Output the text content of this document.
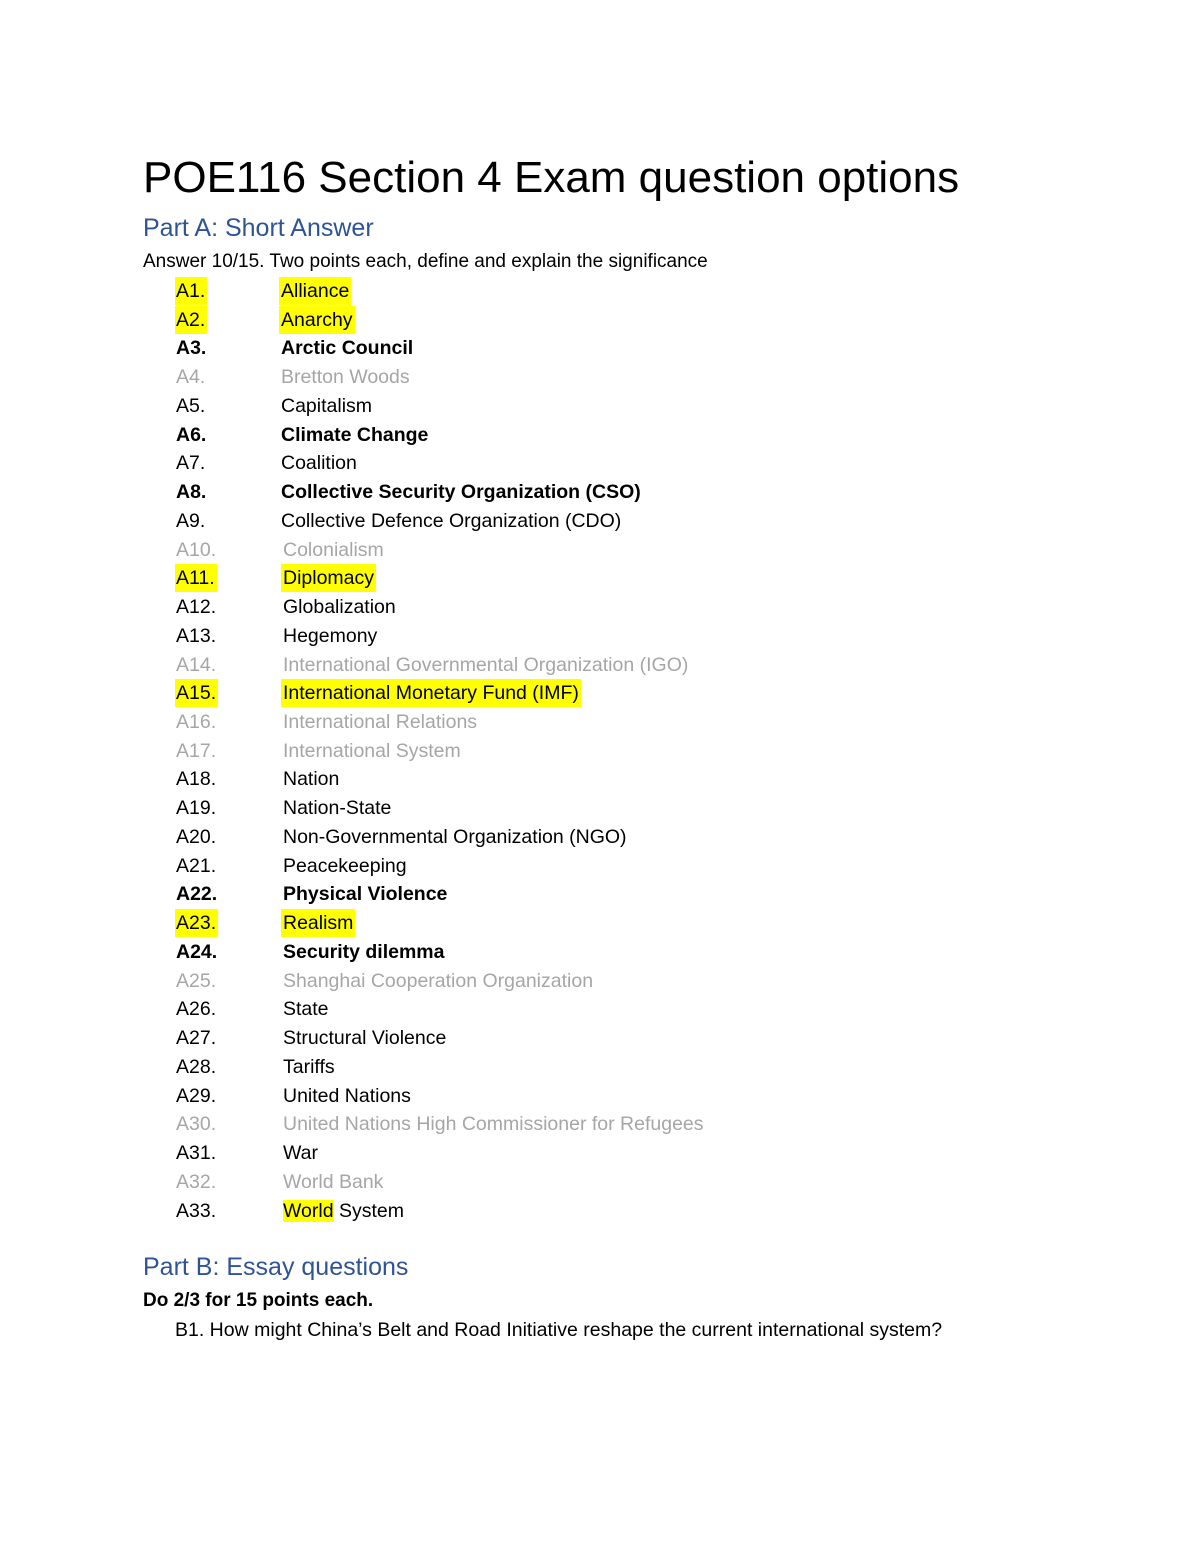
POE116 Section 4 Exam question options
Part A: Short Answer
Answer 10/15. Two points each, define and explain the significance
A1.	Alliance
A2.	Anarchy
A3.	Arctic Council
A4.	Bretton Woods
A5.	Capitalism
A6.	Climate Change
A7.	Coalition
A8.	Collective Security Organization (CSO)
A9.	Collective Defence Organization (CDO)
A10.	Colonialism
A11.	Diplomacy
A12.	Globalization
A13.	Hegemony
A14.	International Governmental Organization (IGO)
A15.	International Monetary Fund (IMF)
A16.	International Relations
A17.	International System
A18.	Nation
A19.	Nation-State
A20.	Non-Governmental Organization (NGO)
A21.	Peacekeeping
A22.	Physical Violence
A23.	Realism
A24.	Security dilemma
A25.	Shanghai Cooperation Organization
A26.	State
A27.	Structural Violence
A28.	Tariffs
A29.	United Nations
A30.	United Nations High Commissioner for Refugees
A31.	War
A32.	World Bank
A33.	World System
Part B: Essay questions
Do 2/3 for 15 points each.
B1. How might China’s Belt and Road Initiative reshape the current international system?
